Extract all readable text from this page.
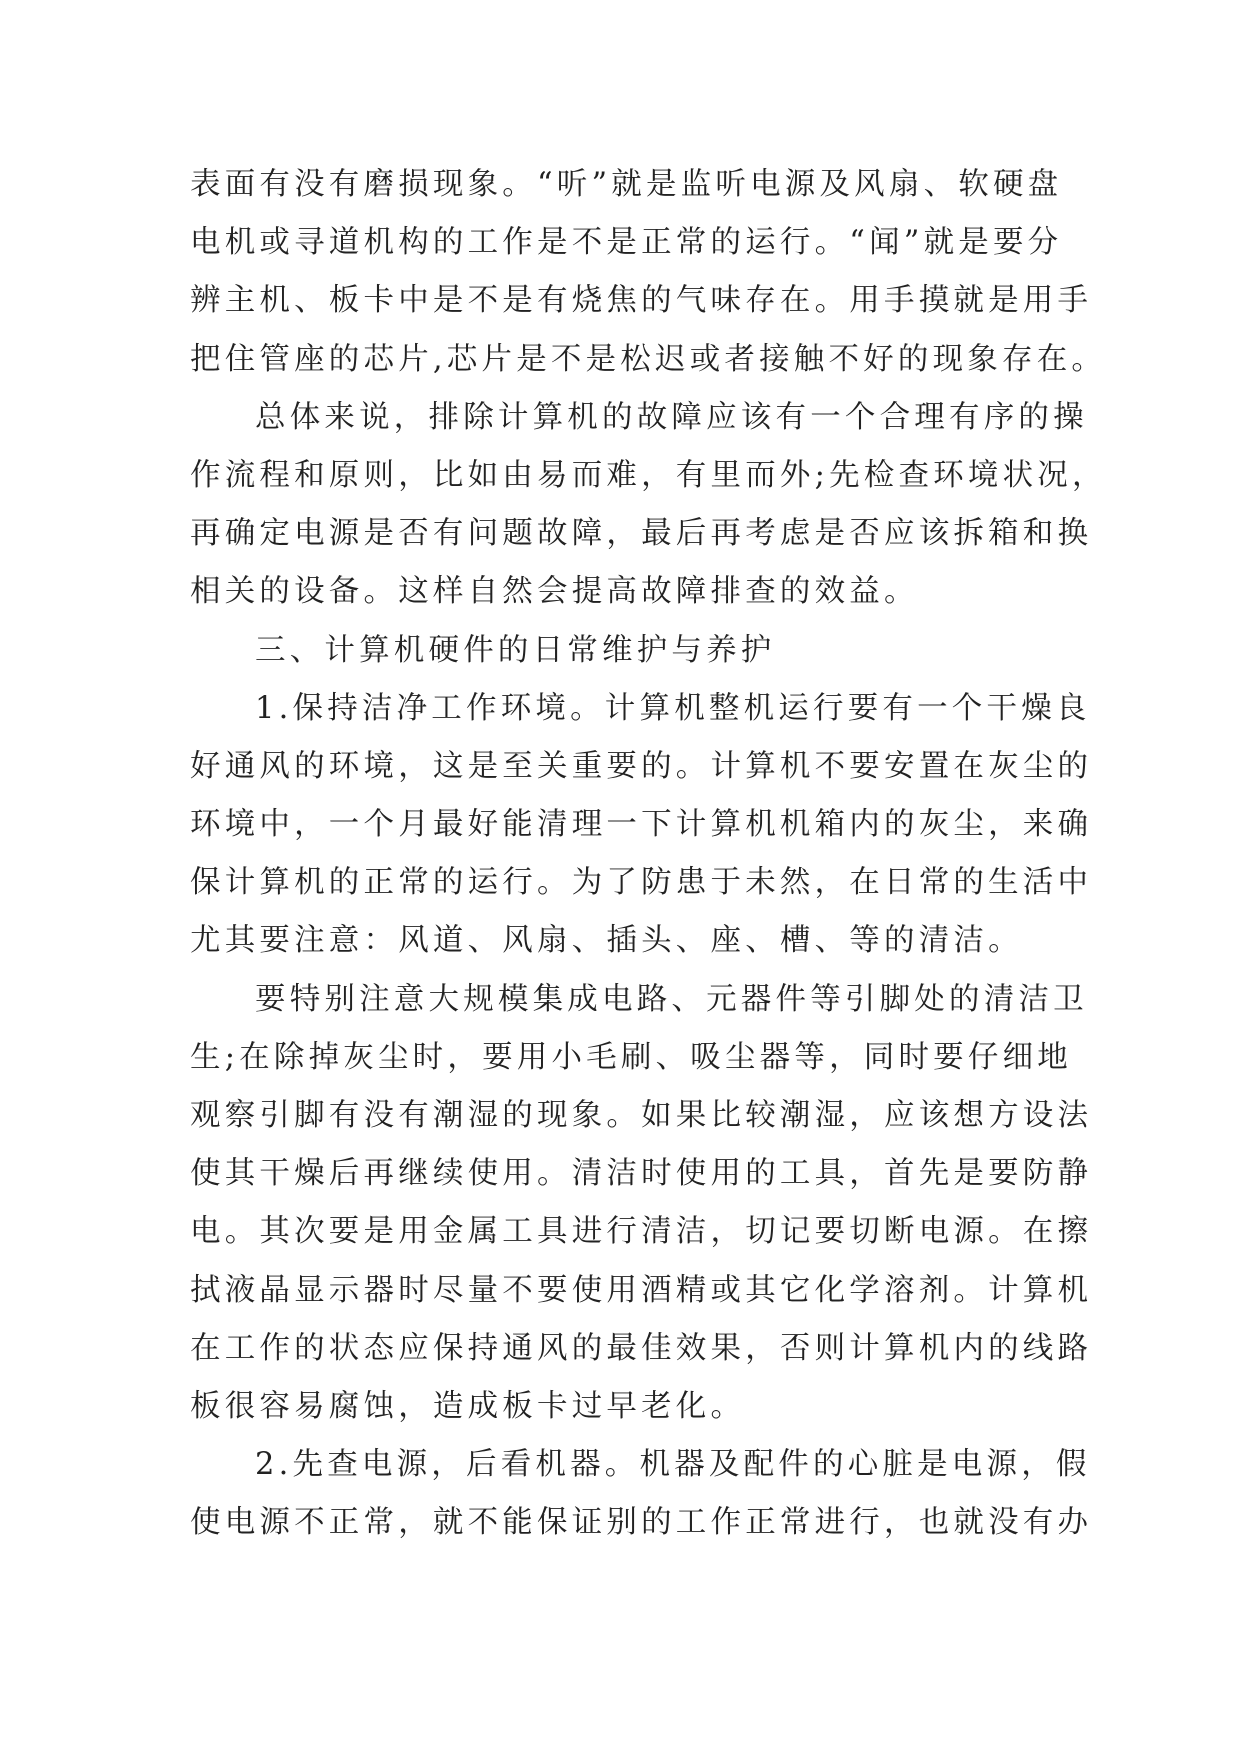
表面有没有磨损现象。“听”就是监听电源及风扇、软硬盘
电机或寻道机构的工作是不是正常的运行。“闻”就是要分
辨主机、板卡中是不是有烧焦的气味存在。用手摸就是用手
把住管座的芯片,芯片是不是松迟或者接触不好的现象存在。
总体来说，排除计算机的故障应该有一个合理有序的操
作流程和原则，比如由易而难，有里而外;先检查环境状况，
再确定电源是否有问题故障，最后再考虑是否应该拆箱和换
相关的设备。这样自然会提高故障排查的效益。
三、计算机硬件的日常维护与养护
1.保持洁净工作环境。计算机整机运行要有一个干燥良
好通风的环境，这是至关重要的。计算机不要安置在灰尘的
环境中，一个月最好能清理一下计算机机箱内的灰尘，来确
保计算机的正常的运行。为了防患于未然，在日常的生活中
尤其要注意：风道、风扇、插头、座、槽、等的清洁。
要特别注意大规模集成电路、元器件等引脚处的清洁卫
生;在除掉灰尘时，要用小毛刷、吸尘器等，同时要仔细地
观察引脚有没有潮湿的现象。如果比较潮湿，应该想方设法
使其干燥后再继续使用。清洁时使用的工具，首先是要防静
电。其次要是用金属工具进行清洁，切记要切断电源。在擦
拭液晶显示器时尽量不要使用酒精或其它化学溶剂。计算机
在工作的状态应保持通风的最佳效果，否则计算机内的线路
板很容易腐蚀，造成板卡过早老化。
2.先查电源，后看机器。机器及配件的心脏是电源，假
使电源不正常，就不能保证别的工作正常进行，也就没有办
